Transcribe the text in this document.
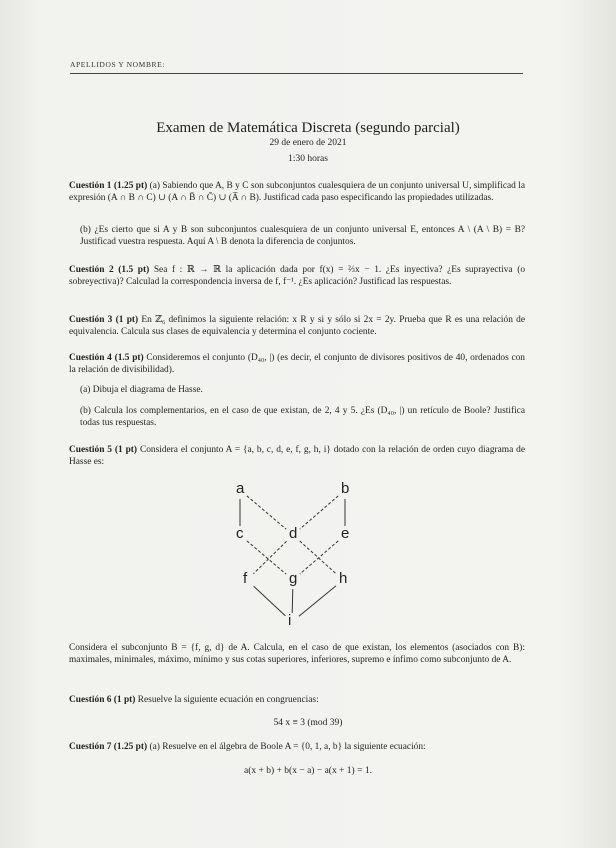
APELLIDOS Y NOMBRE:
Examen de Matemática Discreta (segundo parcial)
29 de enero de 2021
1:30 horas
Cuestión 1 (1.25 pt) (a) Sabiendo que A, B y C son subconjuntos cualesquiera de un conjunto universal U, simplificad la expresión (A ∩ B ∩ C) ∪ (A ∩ B̄ ∩ C̄) ∪ (A̅ ∩ B). Justificad cada paso especificando las propiedades utilizadas.
(b) ¿Es cierto que si A y B son subconjuntos cualesquiera de un conjunto universal E, entonces A \ (A \ B) = B? Justificad vuestra respuesta. Aquí A \ B denota la diferencia de conjuntos.
Cuestión 2 (1.5 pt) Sea f : ℝ → ℝ la aplicación dada por f(x) = ⅔x − 1. ¿Es inyectiva? ¿Es suprayectiva (o sobreyectiva)? Calculad la correspondencia inversa de f, f⁻¹. ¿Es aplicación? Justificad las respuestas.
Cuestión 3 (1 pt) En ℤ₆ definimos la siguiente relación: x R y si y sólo si 2x = 2y. Prueba que R es una relación de equivalencia. Calcula sus clases de equivalencia y determina el conjunto cociente.
Cuestión 4 (1.5 pt) Consideremos el conjunto (D₄₀, |) (es decir, el conjunto de divisores positivos de 40, ordenados con la relación de divisibilidad).
(a) Dibuja el diagrama de Hasse.
(b) Calcula los complementarios, en el caso de que existan, de 2, 4 y 5. ¿Es (D₄₀, |) un retículo de Boole? Justifica todas tus respuestas.
Cuestión 5 (1 pt) Considera el conjunto A = {a, b, c, d, e, f, g, h, i} dotado con la relación de orden cuyo diagrama de Hasse es:
a	b
c	d	e
f	g	h
i
Considera el subconjunto B = {f, g, d} de A. Calcula, en el caso de que existan, los elementos (asociados con B): maximales, minimales, máximo, mínimo y sus cotas superiores, inferiores, supremo e ínfimo como subconjunto de A.
Cuestión 6 (1 pt) Resuelve la siguiente ecuación en congruencias:
54 x ≡ 3 (mod 39)
Cuestión 7 (1.25 pt) (a) Resuelve en el álgebra de Boole A = {0, 1, a, b} la siguiente ecuación:
a(x + b) + b(x − a) − a(x + 1) = 1.
